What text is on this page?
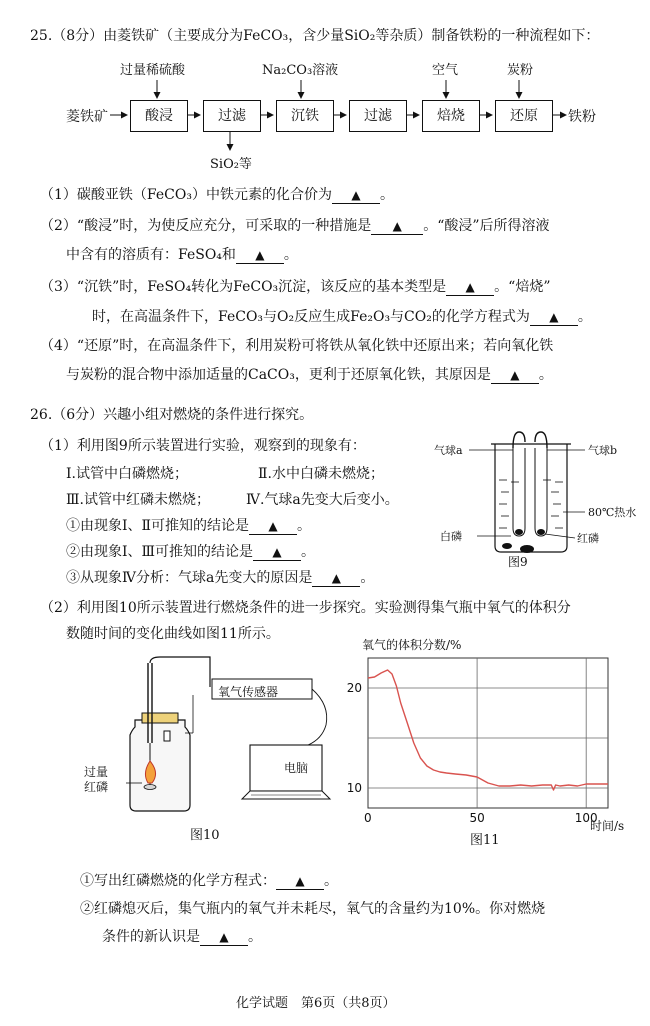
25.（8分）由菱铁矿（主要成分为FeCO₃，含少量SiO₂等杂质）制备铁粉的一种流程如下：
过量稀硫酸	Na₂CO₃溶液	空气	炭粉
菱铁矿	酸浸	过滤	沉铁	过滤	焙烧	还原	铁粉
SiO₂等
（1）碳酸亚铁（FeCO₃）中铁元素的化合价为 ▲ 。
（2）“酸浸”时，为使反应充分，可采取的一种措施是 ▲ 。“酸浸”后所得溶液
中含有的溶质有：FeSO₄和 ▲ 。
（3）“沉铁”时，FeSO₄转化为FeCO₃沉淀，该反应的基本类型是 ▲ 。“焙烧”
时，在高温条件下，FeCO₃与O₂反应生成Fe₂O₃与CO₂的化学方程式为 ▲ 。
（4）“还原”时，在高温条件下，利用炭粉可将铁从氧化铁中还原出来；若向氧化铁
与炭粉的混合物中添加适量的CaCO₃，更利于还原氧化铁，其原因是 ▲ 。
26.（6分）兴趣小组对燃烧的条件进行探究。
（1）利用图9所示装置进行实验，观察到的现象有：
Ⅰ.试管中白磷燃烧；	Ⅱ.水中白磷未燃烧；
Ⅲ.试管中红磷未燃烧；	Ⅳ.气球a先变大后变小。
①由现象Ⅰ、Ⅱ可推知的结论是 ▲ 。
②由现象Ⅰ、Ⅲ可推知的结论是 ▲ 。
③从现象Ⅳ分析：气球a先变大的原因是 ▲ 。
气球a	气球b
80℃热水
白磷	红磷
图9
（2）利用图10所示装置进行燃烧条件的进一步探究。实验测得集气瓶中氧气的体积分
数随时间的变化曲线如图11所示。
氧气传感器
电脑
过量
红磷
图10
氧气的体积分数/%
0	50	100
10
20
时间/s
图11
①写出红磷燃烧的化学方程式： ▲ 。
②红磷熄灭后，集气瓶内的氧气并未耗尽，氧气的含量约为10%。你对燃烧
条件的新认识是 ▲ 。
化学试题　第6页（共8页）
